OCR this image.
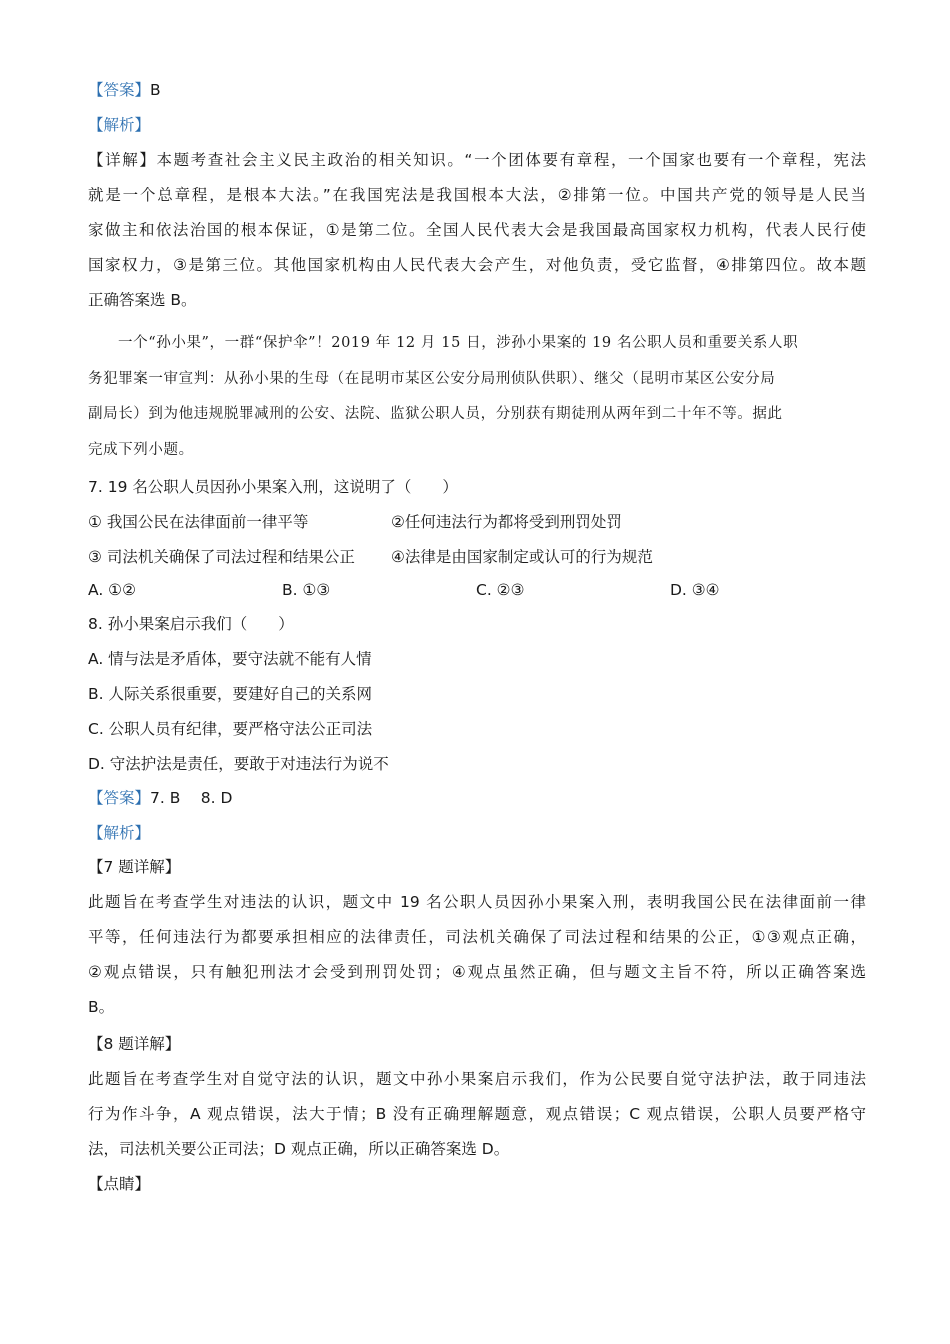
【答案】B
【解析】
【详解】本题考查社会主义民主政治的相关知识。“一个团体要有章程，一个国家也要有一个章程，宪法
就是一个总章程，是根本大法。”在我国宪法是我国根本大法，②排第一位。中国共产党的领导是人民当
家做主和依法治国的根本保证，①是第二位。全国人民代表大会是我国最高国家权力机构，代表人民行使
国家权力，③是第三位。其他国家机构由人民代表大会产生，对他负责，受它监督，④排第四位。故本题
正确答案选 B。
一个“孙小果”，一群“保护伞”！2019 年 12 月 15 日，涉孙小果案的 19 名公职人员和重要关系人职
务犯罪案一审宣判：从孙小果的生母（在昆明市某区公安分局刑侦队供职）、继父（昆明市某区公安分局
副局长）到为他违规脱罪减刑的公安、法院、监狱公职人员，分别获有期徒刑从两年到二十年不等。据此
完成下列小题。
7. 19 名公职人员因孙小果案入刑，这说明了（　　）
① 我国公民在法律面前一律平等	②任何违法行为都将受到刑罚处罚
③ 司法机关确保了司法过程和结果公正 ④法律是由国家制定或认可的行为规范
A. ①②	B. ①③	C. ②③	D. ③④
8. 孙小果案启示我们（　　）
A. 情与法是矛盾体，要守法就不能有人情
B. 人际关系很重要，要建好自己的关系网
C. 公职人员有纪律，要严格守法公正司法
D. 守法护法是责任，要敢于对违法行为说不
【答案】7. B　 8. D
【解析】
【7 题详解】
此题旨在考查学生对违法的认识，题文中 19 名公职人员因孙小果案入刑，表明我国公民在法律面前一律
平等，任何违法行为都要承担相应的法律责任，司法机关确保了司法过程和结果的公正，①③观点正确，
②观点错误，只有触犯刑法才会受到刑罚处罚；④观点虽然正确，但与题文主旨不符，所以正确答案选
B。
【8 题详解】
此题旨在考查学生对自觉守法的认识，题文中孙小果案启示我们，作为公民要自觉守法护法，敢于同违法
行为作斗争，A 观点错误，法大于情；B 没有正确理解题意，观点错误；C 观点错误，公职人员要严格守
法，司法机关要公正司法；D 观点正确，所以正确答案选 D。
【点睛】
